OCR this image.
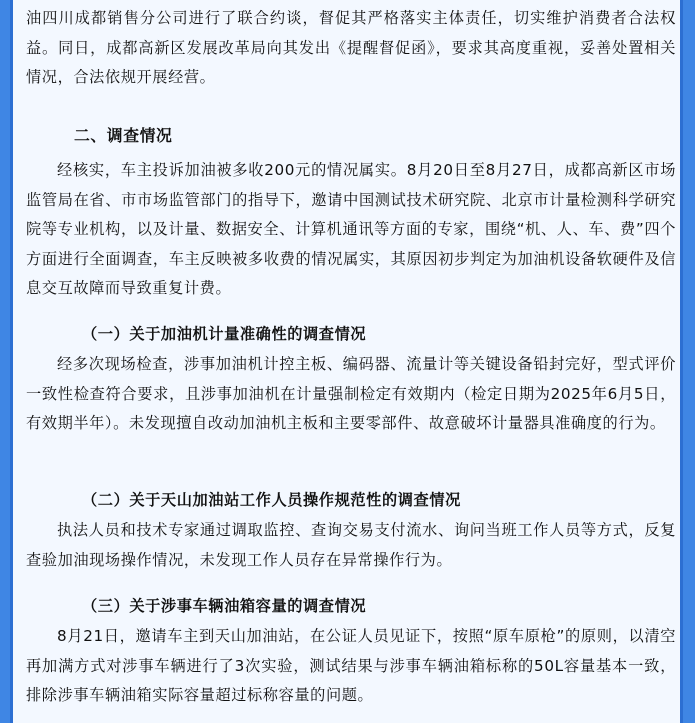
油四川成都销售分公司进行了联合约谈，督促其严格落实主体责任，切实维护消费者合法权益。同日，成都高新区发展改革局向其发出《提醒督促函》，要求其高度重视，妥善处置相关情况，合法依规开展经营。

二、调查情况

经核实，车主投诉加油被多收200元的情况属实。8月20日至8月27日，成都高新区市场监管局在省、市市场监管部门的指导下，邀请中国测试技术研究院、北京市计量检测科学研究院等专业机构，以及计量、数据安全、计算机通讯等方面的专家，围绕“机、人、车、费”四个方面进行全面调查，车主反映被多收费的情况属实，其原因初步判定为加油机设备软硬件及信息交互故障而导致重复计费。

（一）关于加油机计量准确性的调查情况

经多次现场检查，涉事加油机计控主板、编码器、流量计等关键设备铅封完好，型式评价一致性检查符合要求，且涉事加油机在计量强制检定有效期内（检定日期为2025年6月5日，有效期半年）。未发现擅自改动加油机主板和主要零部件、故意破坏计量器具准确度的行为。

（二）关于天山加油站工作人员操作规范性的调查情况

执法人员和技术专家通过调取监控、查询交易支付流水、询问当班工作人员等方式，反复查验加油现场操作情况，未发现工作人员存在异常操作行为。

（三）关于涉事车辆油箱容量的调查情况

8月21日，邀请车主到天山加油站，在公证人员见证下，按照“原车原枪”的原则，以清空再加满方式对涉事车辆进行了3次实验，测试结果与涉事车辆油箱标称的50L容量基本一致，排除涉事车辆油箱实际容量超过标称容量的问题。
